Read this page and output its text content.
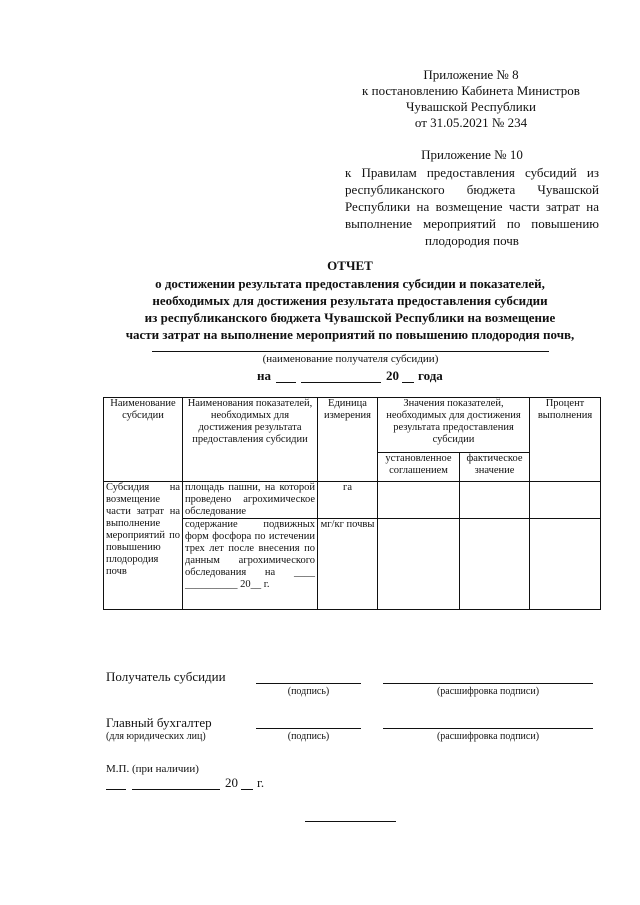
Приложение № 8
к постановлению Кабинета Министров
Чувашской Республики
от 31.05.2021 № 234
Приложение № 10
к Правилам предоставления субсидий из республиканского бюджета Чувашской Республики на возмещение части затрат на выполнение мероприятий по повышению плодородия почв
ОТЧЕТ
о достижении результата предоставления субсидии и показателей,
необходимых для достижения результата предоставления субсидии
из республиканского бюджета Чувашской Республики на возмещение
части затрат на выполнение мероприятий по повышению плодородия почв,
(наименование получателя субсидии)
на	20 года
Наименование субсидии	Наименования показателей, необходимых для достижения результата предоставления субсидии	Единица измерения	Значения показателей, необходимых для достижения результата предоставления субсидии		Процент выполнения
			установленное соглашением	фактическое значение	
Субсидия на возмещение части затрат на выполнение мероприятий по повышению плодородия почв	площадь пашни, на которой проведено агрохимическое обследование	га			
	содержание подвижных форм фосфора по истечении трех лет после внесения по данным агрохимического обследования на ____ __________ 20__ г.	мг/кг почвы			
Получатель субсидии
(подпись)	(расшифровка подписи)
Главный бухгалтер
(для юридических лиц)	(подпись)	(расшифровка подписи)
М.П. (при наличии)
20 г.
